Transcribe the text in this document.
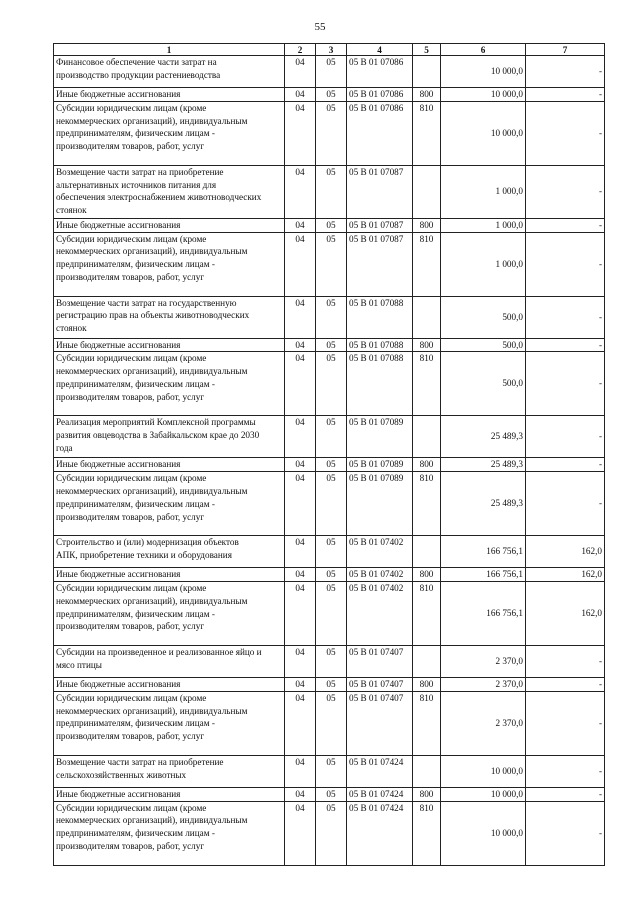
55
1	2	3	4	5	6	7
Финансовое обеспечение части затрат на
производство продукции растениеводства	04	05	05 В 01 07086		10 000,0	-
Иные бюджетные ассигнования	04	05	05 В 01 07086	800	10 000,0	-
Субсидии юридическим лицам (кроме
некоммерческих организаций), индивидуальным
предпринимателям, физическим лицам -
производителям товаров, работ, услуг	04	05	05 В 01 07086	810	10 000,0	-
Возмещение части затрат на приобретение
альтернативных источников питания для
обеспечения электроснабжением животноводческих
стоянок	04	05	05 В 01 07087		1 000,0	-
Иные бюджетные ассигнования	04	05	05 В 01 07087	800	1 000,0	-
Субсидии юридическим лицам (кроме
некоммерческих организаций), индивидуальным
предпринимателям, физическим лицам -
производителям товаров, работ, услуг	04	05	05 В 01 07087	810	1 000,0	-
Возмещение части затрат на государственную
регистрацию прав на объекты животноводческих
стоянок	04	05	05 В 01 07088		500,0	-
Иные бюджетные ассигнования	04	05	05 В 01 07088	800	500,0	-
Субсидии юридическим лицам (кроме
некоммерческих организаций), индивидуальным
предпринимателям, физическим лицам -
производителям товаров, работ, услуг	04	05	05 В 01 07088	810	500,0	-
Реализация мероприятий Комплексной программы
развития овцеводства в Забайкальском крае до 2030
года	04	05	05 В 01 07089		25 489,3	-
Иные бюджетные ассигнования	04	05	05 В 01 07089	800	25 489,3	-
Субсидии юридическим лицам (кроме
некоммерческих организаций), индивидуальным
предпринимателям, физическим лицам -
производителям товаров, работ, услуг	04	05	05 В 01 07089	810	25 489,3	-
Строительство и (или) модернизация объектов
АПК, приобретение техники и оборудования	04	05	05 В 01 07402		166 756,1	162,0
Иные бюджетные ассигнования	04	05	05 В 01 07402	800	166 756,1	162,0
Субсидии юридическим лицам (кроме
некоммерческих организаций), индивидуальным
предпринимателям, физическим лицам -
производителям товаров, работ, услуг	04	05	05 В 01 07402	810	166 756,1	162,0
Субсидии на произведенное и реализованное яйцо и
мясо птицы	04	05	05 В 01 07407		2 370,0	-
Иные бюджетные ассигнования	04	05	05 В 01 07407	800	2 370,0	-
Субсидии юридическим лицам (кроме
некоммерческих организаций), индивидуальным
предпринимателям, физическим лицам -
производителям товаров, работ, услуг	04	05	05 В 01 07407	810	2 370,0	-
Возмещение части затрат на приобретение
сельскохозяйственных животных	04	05	05 В 01 07424		10 000,0	-
Иные бюджетные ассигнования	04	05	05 В 01 07424	800	10 000,0	-
Субсидии юридическим лицам (кроме
некоммерческих организаций), индивидуальным
предпринимателям, физическим лицам -
производителям товаров, работ, услуг	04	05	05 В 01 07424	810	10 000,0	-
